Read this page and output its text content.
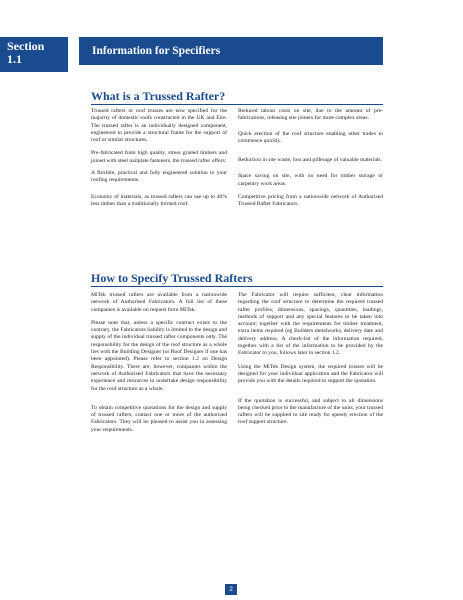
Section
1.1
Information for Specifiers
What is a Trussed Rafter?

Trussed rafters or roof trusses are now specified for the majority of domestic roofs constructed in the UK and Eire. The trussed rafter is an individually designed component, engineered to provide a structural frame for the support of roof or similar structures.

Pre-fabricated from high quality, stress graded timbers and joined with steel nailplate fasteners, the trussed rafter offers:

A flexible, practical and fully engineered solution to your roofing requirements.

Economy of materials, as trussed rafters can use up to 40% less timber than a traditionally formed roof.

Reduced labour costs on site, due to the amount of pre-fabrications, releasing site joiners for more complex areas.

Quick erection of the roof structure enabling other trades to commence quickly.

Reduction in site waste, loss and pilferage of valuable materials.

Space saving on site, with no need for timber storage or carpentry work areas.

Competitive pricing from a nationwide network of Authorised Trussed Rafter Fabricators.

How to Specify Trussed Rafters

MiTek trussed rafters are available from a nationwide network of Authorised Fabricators. A full list of these companies is available on request from MiTek.

Please note that, unless a specific contract exists to the contrary, the Fabricators liability is limited to the design and supply of the individual trussed rafter components only. The responsibility for the design of the roof structure as a whole lies with the Building Designer (or Roof Designer if one has been appointed). Please refer to section 1.2 on Design Responsibility. There are, however, companies within the network of Authorised Fabricators that have the necessary experience and resources to undertake design responsibility for the roof structure as a whole.

To obtain competitive quotations for the design and supply of trussed rafters, contact one or more of the authorised Fabricators. They will be pleased to assist you in assessing your requirements.

The Fabricator will require sufficient, clear information regarding the roof structure to determine the required trussed rafter profiles, dimensions, spacings, quantities, loadings, methods of support and any special features to be taken into account; together with the requirements for timber treatment, extra items required (eg Builders metalwork), delivery date and delivery address. A check-list of the information required, together with a list of the information to be provided by the Fabricator to you, follows later in section 1.2.

Using the MiTek Design system, the required trusses will be designed for your individual application and the Fabricator will provide you with the details required to support the quotation.

If the quotation is successful, and subject to all dimensions being checked prior to the manufacture of the units, your trussed rafters will be supplied to site ready for speedy erection of the roof support structure.

2
